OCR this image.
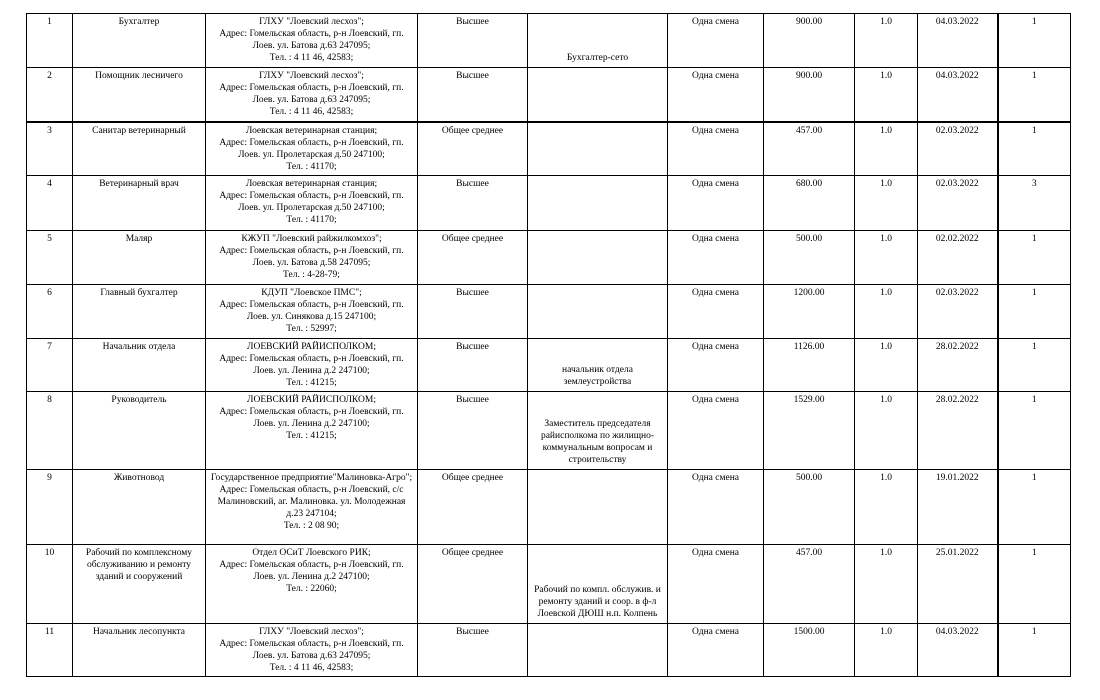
1	Бухгалтер	ГЛХУ "Лоевский лесхоз";
Адрес: Гомельская область, р-н Лоевский, гп.
Лоев. ул. Батова д.63 247095;
Тел. : 4 11 46, 42583;	Высшее	Бухгалтер-сето	Одна смена	900.00	1.0	04.03.2022	1
2	Помощник лесничего	ГЛХУ "Лоевский лесхоз";
Адрес: Гомельская область, р-н Лоевский, гп.
Лоев. ул. Батова д.63 247095;
Тел. : 4 11 46, 42583;	Высшее		Одна смена	900.00	1.0	04.03.2022	1
3	Санитар ветеринарный	Лоевская ветеринарная станция;
Адрес: Гомельская область, р-н Лоевский, гп.
Лоев. ул. Пролетарская д.50 247100;
Тел. : 41170;	Общее среднее		Одна смена	457.00	1.0	02.03.2022	1
4	Ветеринарный врач	Лоевская ветеринарная станция;
Адрес: Гомельская область, р-н Лоевский, гп.
Лоев. ул. Пролетарская д.50 247100;
Тел. : 41170;	Высшее		Одна смена	680.00	1.0	02.03.2022	3
5	Маляр	КЖУП "Лоевский райжилкомхоз";
Адрес: Гомельская область, р-н Лоевский, гп.
Лоев. ул. Батова д.58 247095;
Тел. : 4-28-79;	Общее среднее		Одна смена	500.00	1.0	02.02.2022	1
6	Главный бухгалтер	КДУП "Лоевское ПМС";
Адрес: Гомельская область, р-н Лоевский, гп.
Лоев. ул. Синякова д.15 247100;
Тел. : 52997;	Высшее		Одна смена	1200.00	1.0	02.03.2022	1
7	Начальник отдела	ЛОЕВСКИЙ РАЙИСПОЛКОМ;
Адрес: Гомельская область, р-н Лоевский, гп.
Лоев. ул. Ленина д.2 247100;
Тел. : 41215;	Высшее	начальник отдела землеустройства	Одна смена	1126.00	1.0	28.02.2022	1
8	Руководитель	ЛОЕВСКИЙ РАЙИСПОЛКОМ;
Адрес: Гомельская область, р-н Лоевский, гп.
Лоев. ул. Ленина д.2 247100;
Тел. : 41215;	Высшее	Заместитель председателя райисполкома по жилищно-коммунальным вопросам и строительству	Одна смена	1529.00	1.0	28.02.2022	1
9	Животновод	Государственное предприятие"Малиновка-Агро";
Адрес: Гомельская область, р-н Лоевский, с/с Малиновский, аг. Малиновка. ул. Молодежная д.23 247104;
Тел. : 2 08 90;	Общее среднее		Одна смена	500.00	1.0	19.01.2022	1
10	Рабочий по комплексному обслуживанию и ремонту зданий и сооружений	Отдел ОСиТ Лоевского РИК;
Адрес: Гомельская область, р-н Лоевский, гп.
Лоев. ул. Ленина д.2 247100;
Тел. : 22060;	Общее среднее	Рабочий по компл. обслужив. и ремонту зданий и соор. в ф-л Лоевской ДЮШ н.п. Колпень	Одна смена	457.00	1.0	25.01.2022	1
11	Начальник лесопункта	ГЛХУ "Лоевский лесхоз";
Адрес: Гомельская область, р-н Лоевский, гп.
Лоев. ул. Батова д.63 247095;
Тел. : 4 11 46, 42583;	Высшее		Одна смена	1500.00	1.0	04.03.2022	1
